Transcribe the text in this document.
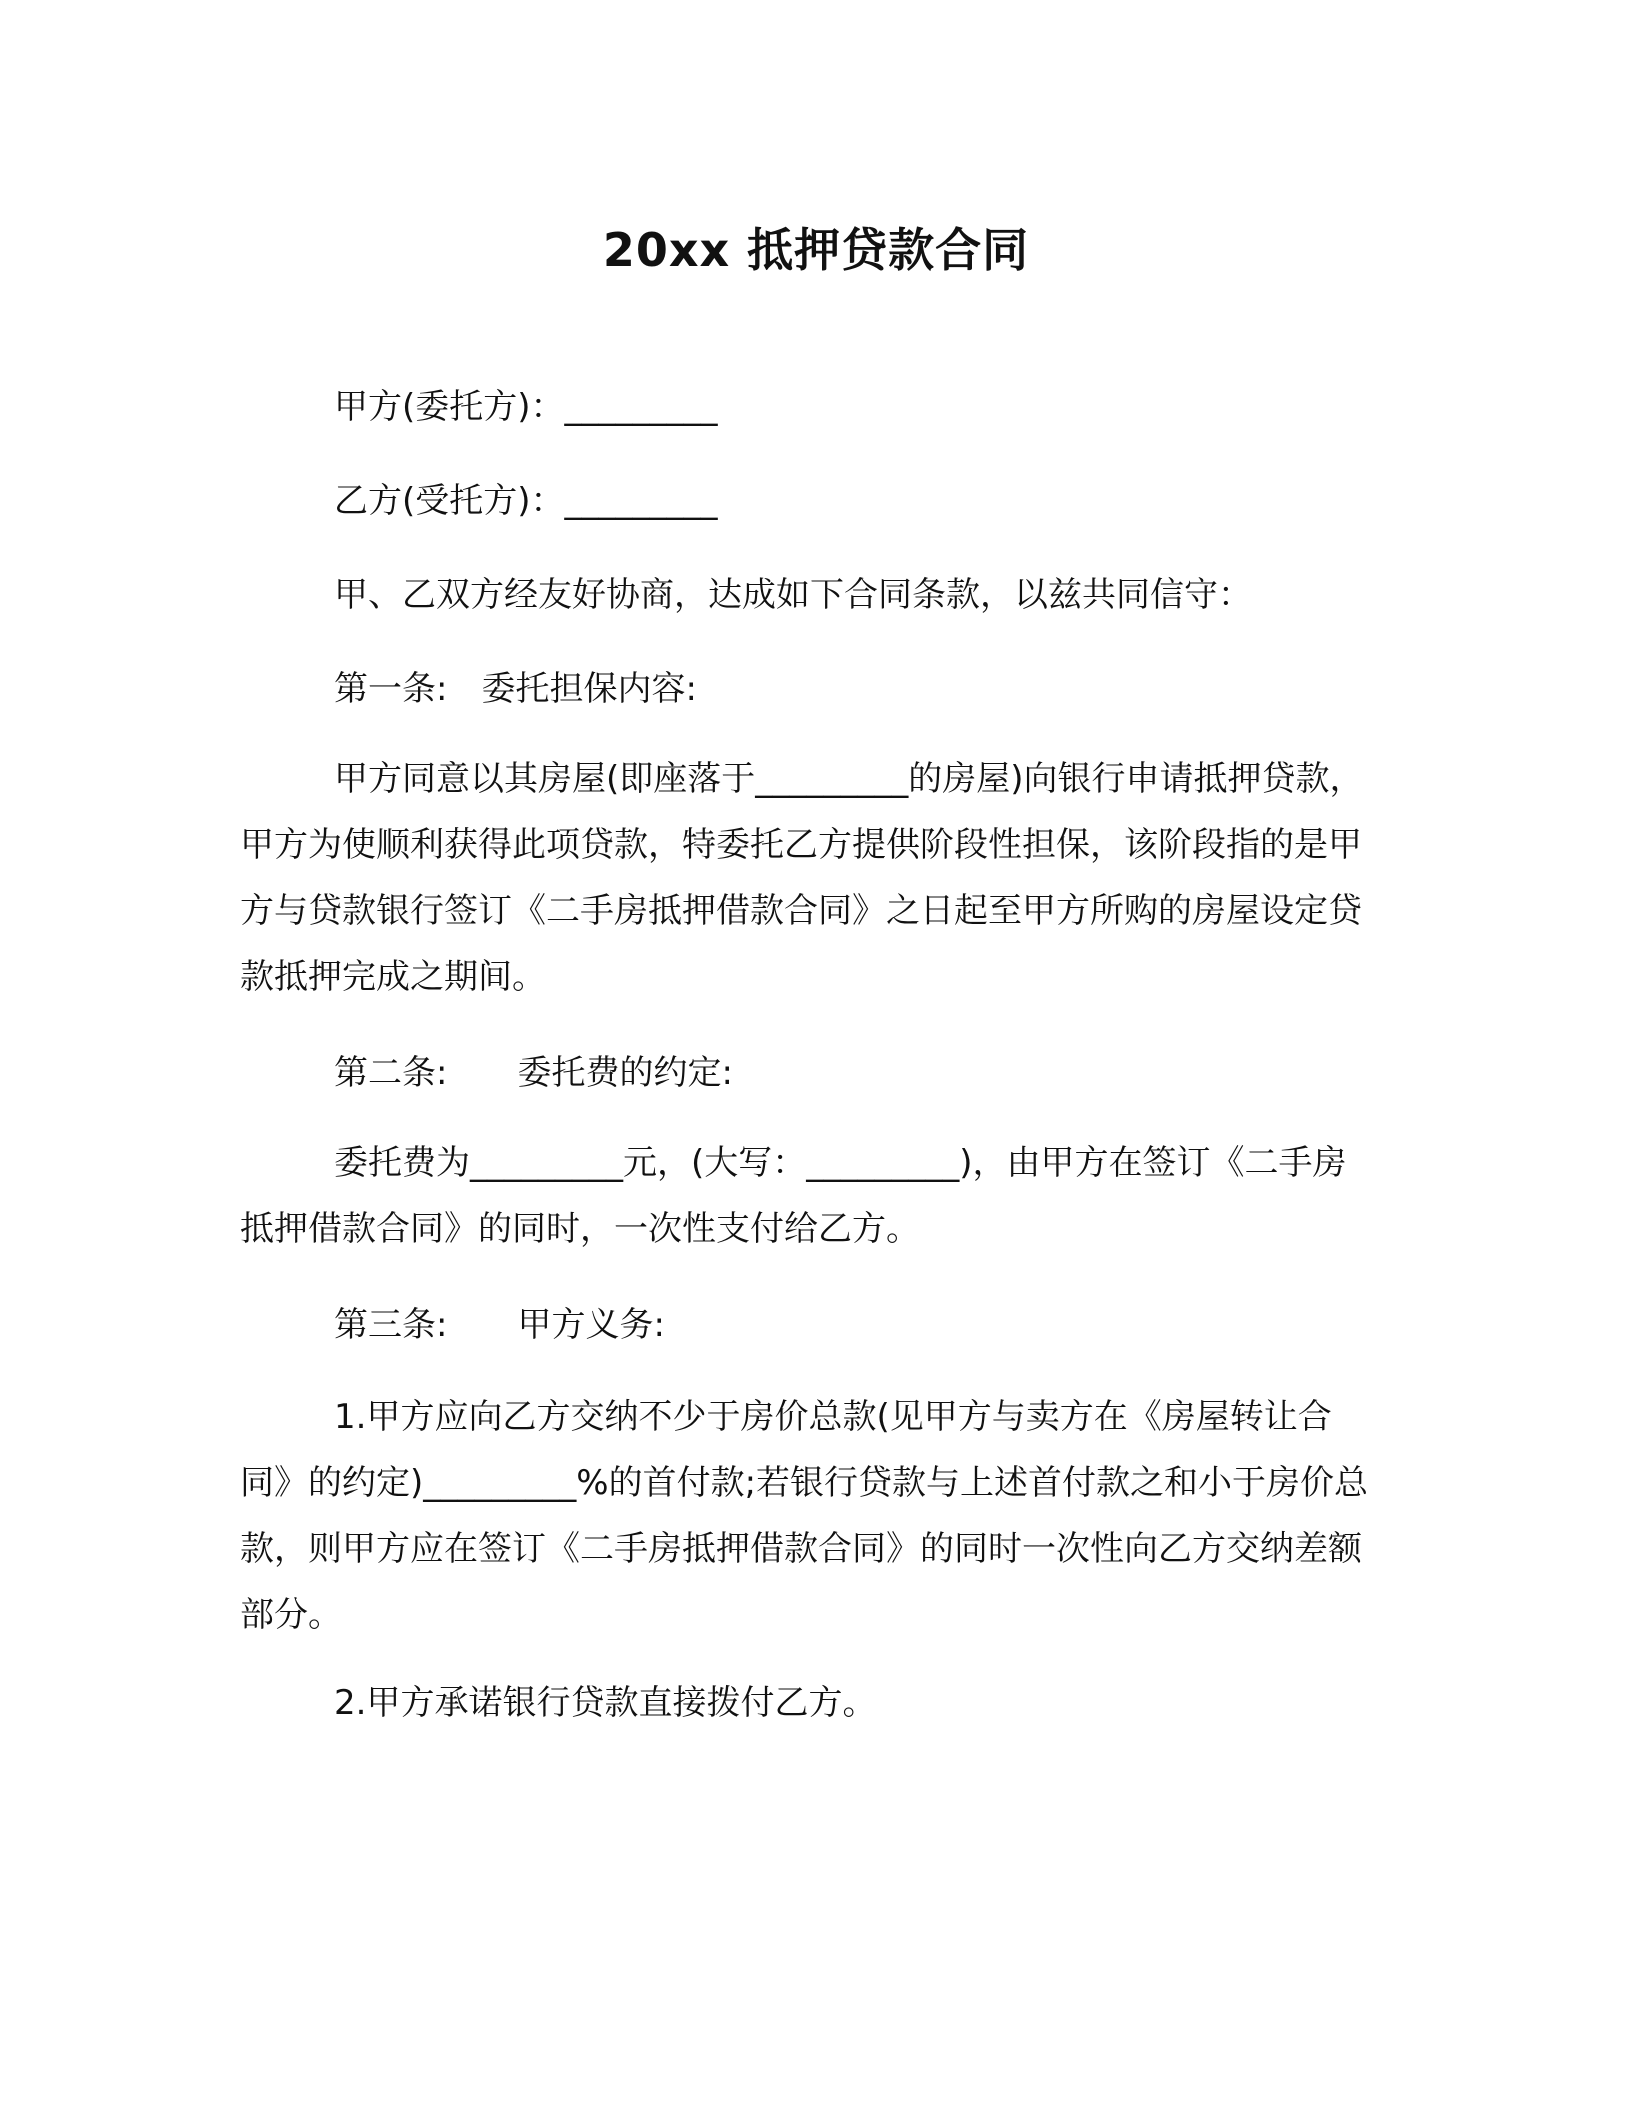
20xx 抵押贷款合同
甲方(委托方)：_________
乙方(受托方)：_________
甲、乙双方经友好协商，达成如下合同条款，以兹共同信守：
第一条: 委托担保内容:
甲方同意以其房屋(即座落于_________的房屋)向银行申请抵押贷款，甲方为使顺利获得此项贷款，特委托乙方提供阶段性担保，该阶段指的是甲方与贷款银行签订《二手房抵押借款合同》之日起至甲方所购的房屋设定贷款抵押完成之期间。
第二条: 委托费的约定:
委托费为_________元，(大写：_________)，由甲方在签订《二手房抵押借款合同》的同时，一次性支付给乙方。
第三条: 甲方义务:
1.甲方应向乙方交纳不少于房价总款(见甲方与卖方在《房屋转让合同》的约定)_________%的首付款;若银行贷款与上述首付款之和小于房价总款，则甲方应在签订《二手房抵押借款合同》的同时一次性向乙方交纳差额部分。
2.甲方承诺银行贷款直接拨付乙方。
